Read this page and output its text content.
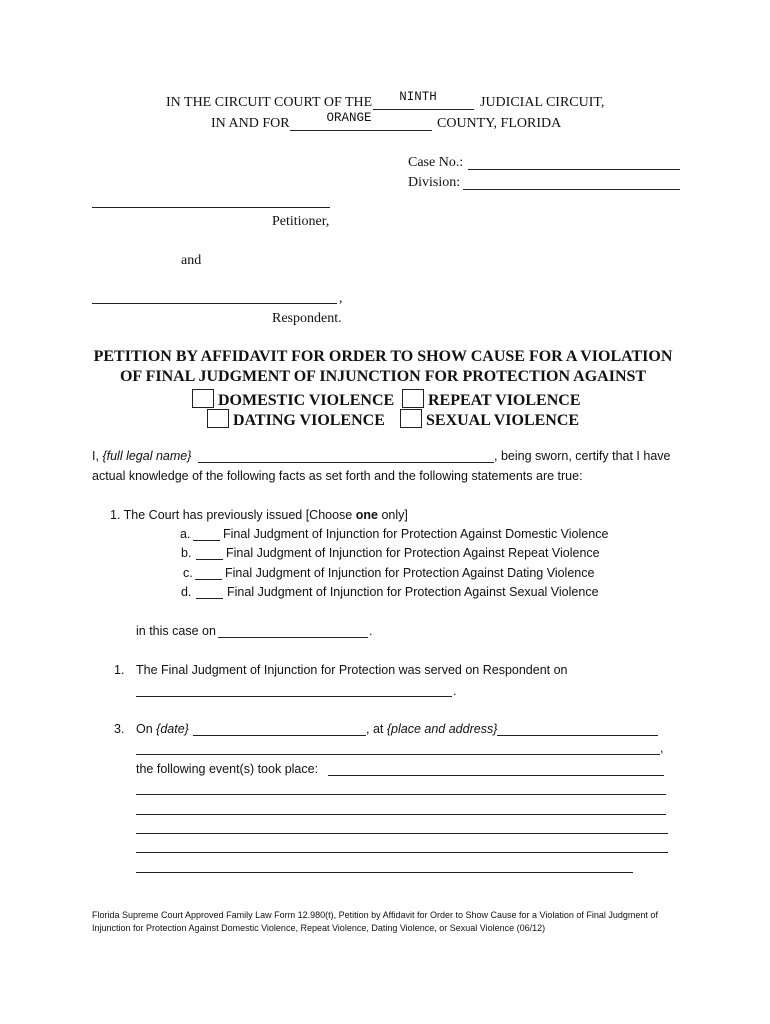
IN THE CIRCUIT COURT OF THE	NINTH	JUDICIAL CIRCUIT,
IN AND FOR	ORANGE	COUNTY, FLORIDA
Case No.:
Division:
Petitioner,
and
,
Respondent.
PETITION BY AFFIDAVIT FOR ORDER TO SHOW CAUSE FOR A VIOLATION
OF FINAL JUDGMENT OF INJUNCTION FOR PROTECTION AGAINST
DOMESTIC VIOLENCE	REPEAT VIOLENCE
DATING VIOLENCE	SEXUAL VIOLENCE
I, {full legal name}	, being sworn, certify that I have
actual knowledge of the following facts as set forth and the following statements are true:
1. The Court has previously issued [Choose one only]
a.	Final Judgment of Injunction for Protection Against Domestic Violence
b.	Final Judgment of Injunction for Protection Against Repeat Violence
c.	Final Judgment of Injunction for Protection Against Dating Violence
d.	Final Judgment of Injunction for Protection Against Sexual Violence
in this case on	.
1. The Final Judgment of Injunction for Protection was served on Respondent on
.
3. On {date}	, at {place and address}
,
the following event(s) took place:
Florida Supreme Court Approved Family Law Form 12.980(t), Petition by Affidavit for Order to Show Cause for a Violation of Final Judgment of
Injunction for Protection Against Domestic Violence, Repeat Violence, Dating Violence, or Sexual Violence (06/12)
